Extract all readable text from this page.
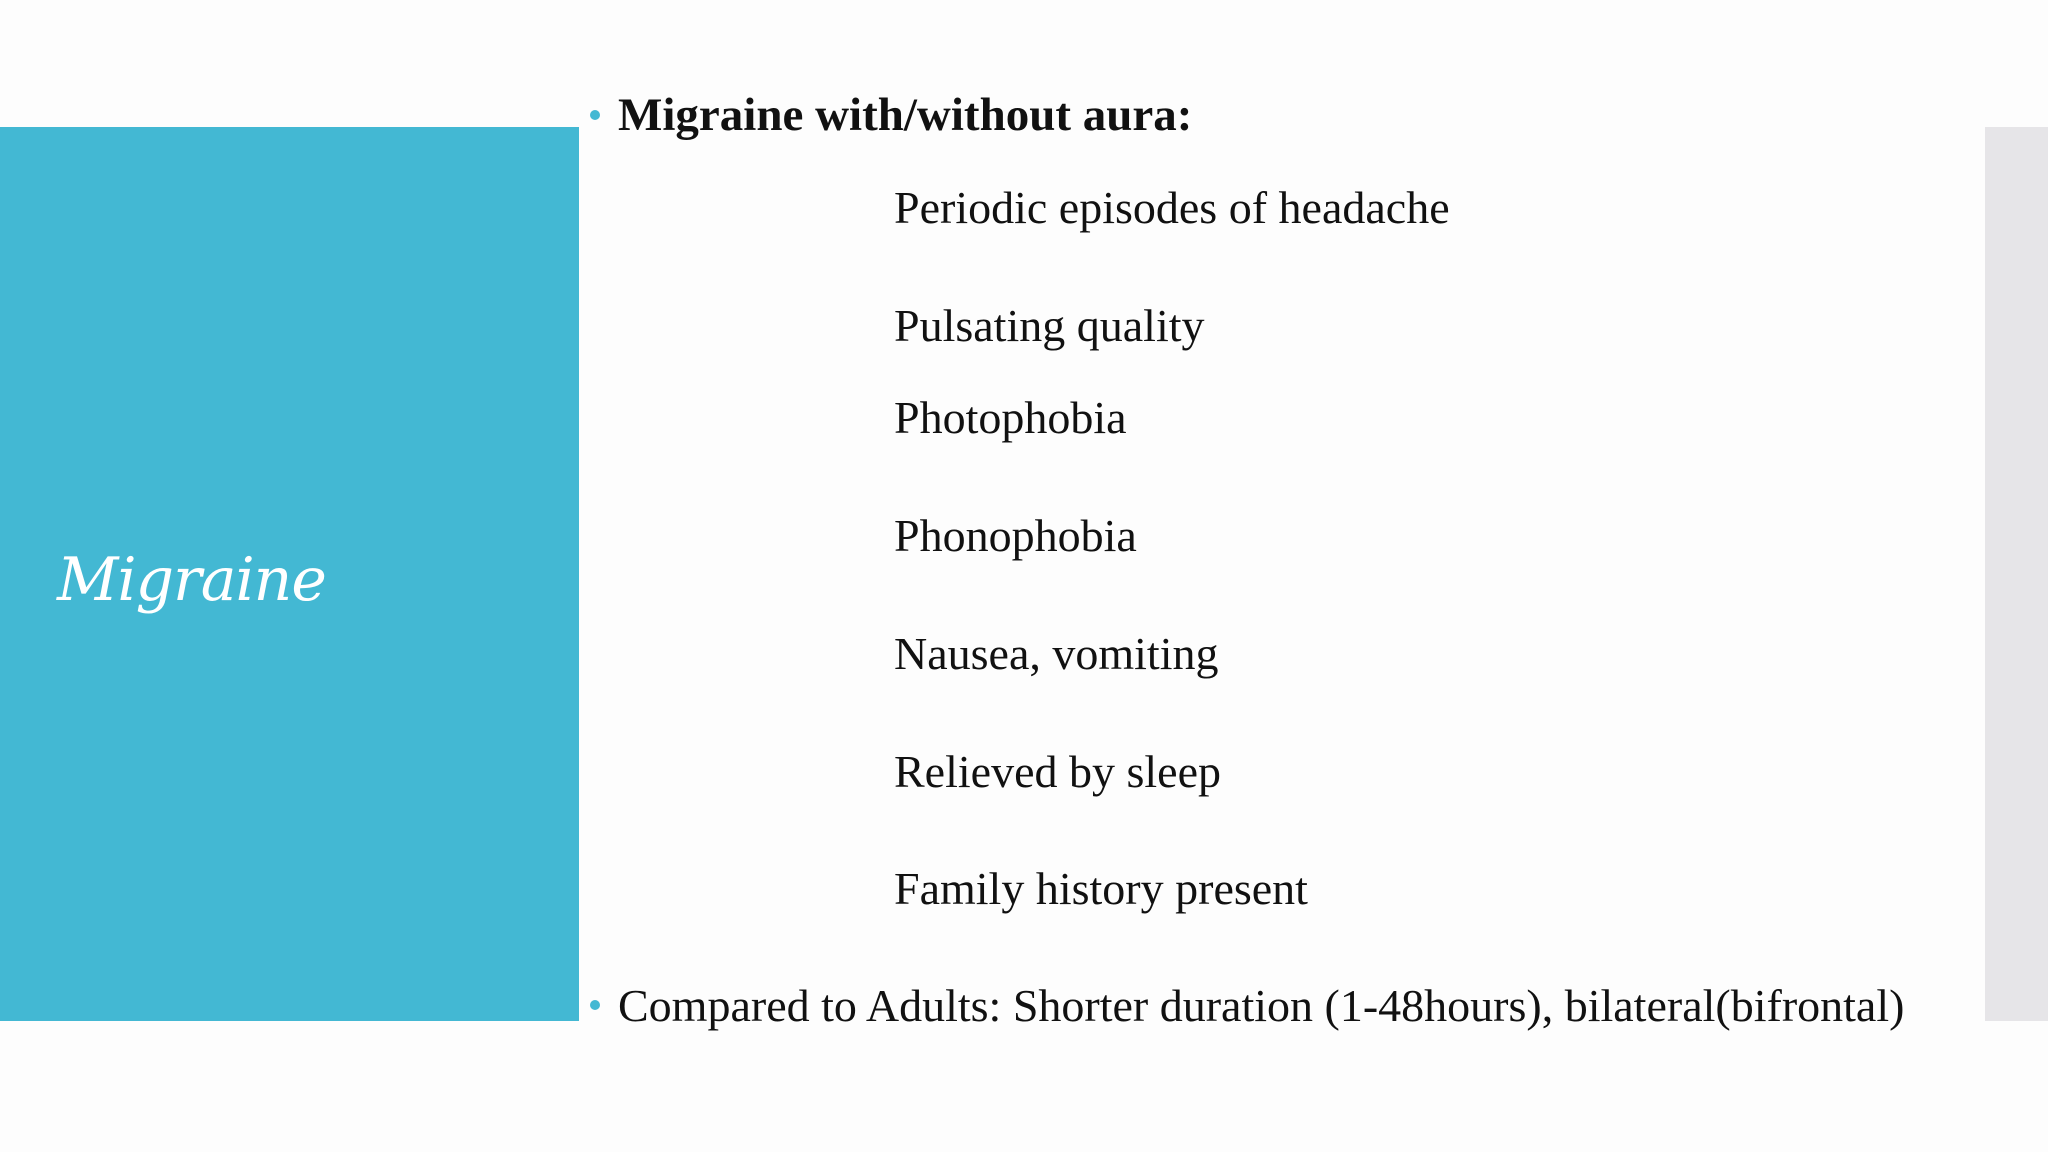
Migraine
Migraine with/without aura:
Periodic episodes of headache
Pulsating quality
Photophobia
Phonophobia
Nausea, vomiting
Relieved by sleep
Family history present
Compared to Adults: Shorter duration (1-48hours), bilateral(bifrontal)
